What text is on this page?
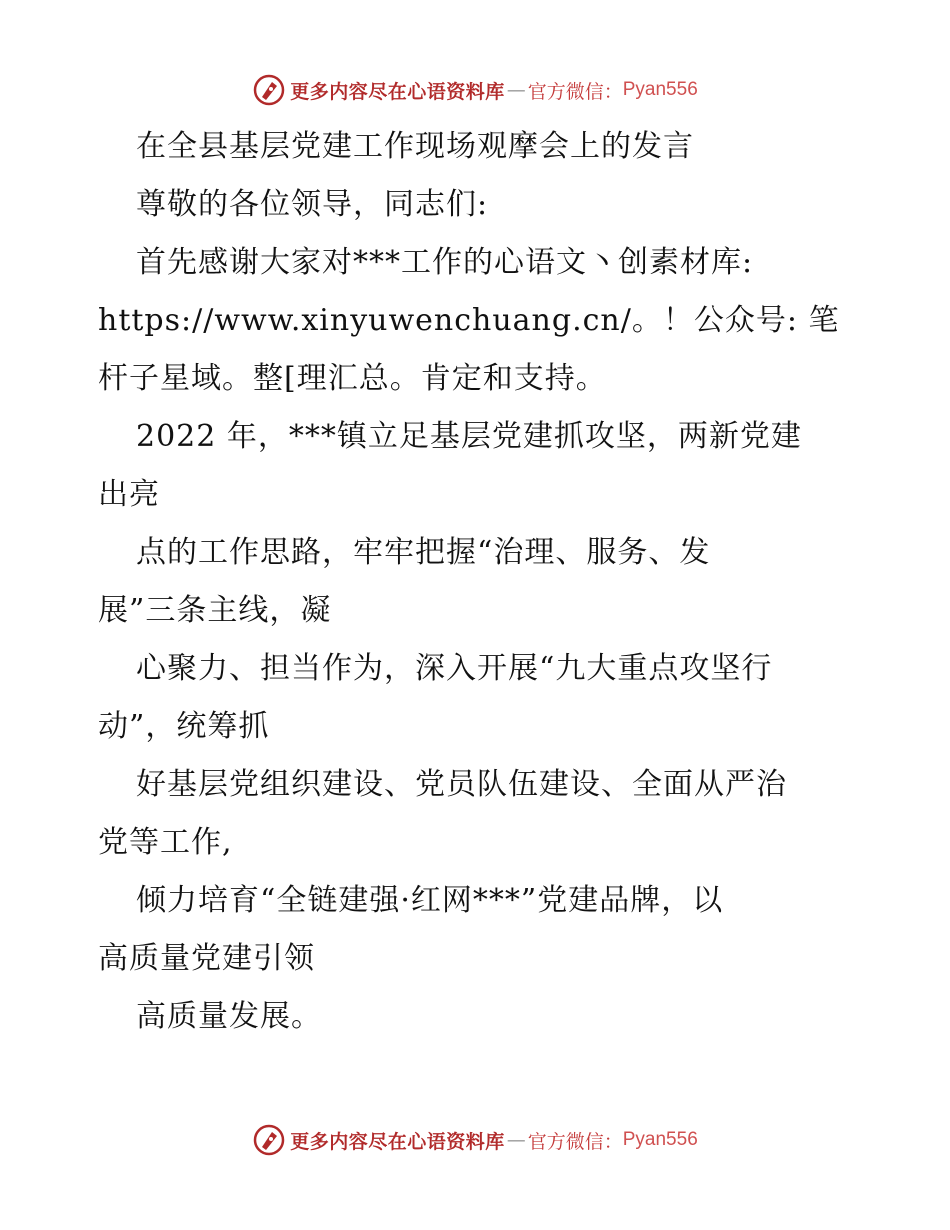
更多内容尽在心语资料库 — 官方微信： Pyan556
在全县基层党建工作现场观摩会上的发言
尊敬的各位领导，同志们:
首先感谢大家对***工作的心语文丶创素材库:
https://www.xinyuwenchuang.cn/。！公众号: 笔
杆子星域。整[理汇总。肯定和支持。
2022 年，***镇立足基层党建抓攻坚，两新党建
出亮
点的工作思路，牢牢把握“治理、服务、发
展”三条主线，凝
心聚力、担当作为，深入开展“九大重点攻坚行
动”，统筹抓
好基层党组织建设、党员队伍建设、全面从严治
党等工作,
倾力培育“全链建强·红网***”党建品牌，以
高质量党建引领
高质量发展。
更多内容尽在心语资料库 — 官方微信： Pyan556
